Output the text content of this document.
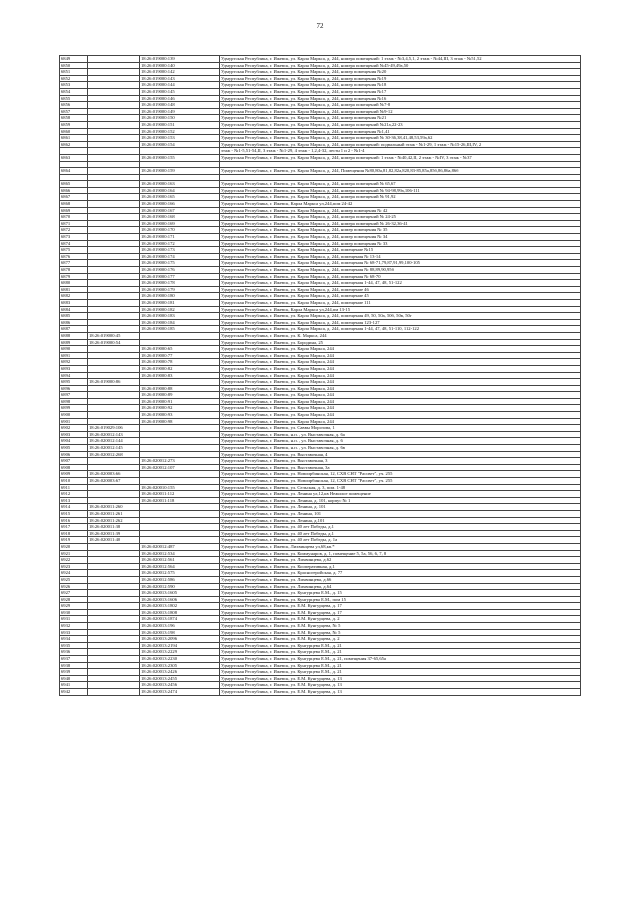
72
6849		18:26:019000:139	Удмуртская Республика, г. Ижевск, ул. Карла Маркса, д. 244, номера помещений: 1 этаж - №3,4,5,1, 2 этаж - №44,III, 3 этаж - №51,52
6850		18:26:019000:140	Удмуртская Республика, г. Ижевск, ул. Карла Маркса, д. 244, номера помещений №45-49,49а,50
6851		18:26:019000:142	Удмуртская Республика, г. Ижевск, ул. Карла Маркса, д. 244, номер помещения №20
6852		18:26:019000:143	Удмуртская Республика, г. Ижевск, ул. Карла Маркса, д. 244, номер помещения №19
6853		18:26:019000:144	Удмуртская Республика, г. Ижевск, ул. Карла Маркса, д. 244, номер помещения №18
6854		18:26:019000:145	Удмуртская Республика, г. Ижевск, ул. Карла Маркса, д. 244, номер помещения №17
6855		18:26:019000:146	Удмуртская Республика, г. Ижевск, ул. Карла Маркса, д. 244, номер помещения №16
6856		18:26:019000:148	Удмуртская Республика, г. Ижевск, ул. Карла Маркса, д. 244, номера помещений №7-8
6857		18:26:019000:149	Удмуртская Республика, г. Ижевск, ул. Карла Маркса, д. 244, номера помещений №9-12
6858		18:26:019000:150	Удмуртская Республика, г. Ижевск, ул. Карла Маркса, д. 244, номер помещения №21
6859		18:26:019000:151	Удмуртская Республика, г. Ижевск, ул. Карла Маркса, д. 244, номера помещений №21а,22-23
6860		18:26:019000:152	Удмуртская Республика, г. Ижевск, ул. Карла Маркса, д. 244, номер помещения №1,41
6861		18:26:019000:153	Удмуртская Республика, г. Ижевск, ул. Карла Маркса, д. 244, номера помещений № 30-36,38,41,48,53,59а,62
6862		18:26:019000:154	Удмуртская Республика, г. Ижевск, ул. Карла Маркса, д. 244, номера помещений: подвальный этаж - №1-29, 1 этаж - №15-26,III,IV, 2
			этаж - №1-5,51-54,II, 3 этаж - №1-29, 4 этаж - 1,2,4-32, лестн 1 и 2 - №1-4
6863		18:26:019000:155	Удмуртская Республика, г. Ижевск, ул. Карла Маркса, д. 244, номера помещений: 1 этаж - №40,42,II, 2 этаж - №IV, 3 этаж - №37

6864		18:26:019000:159	Удмуртская Республика, г. Ижевск, ул. Карла Маркса, д. 244, Помещения №80,80а,81,82,82а,820,83-85,85а,85б,86,86а,86б

6865		18:26:019000:163	Удмуртская Республика, г. Ижевск, ул. Карла Маркса, д. 244, номера помещений № 65,67
6866		18:26:019000:164	Удмуртская Республика, г. Ижевск, ул. Карла Маркса, д. 244, номера помещений № 94-98,99а,106-111
6867		18:26:019000:165	Удмуртская Республика, г. Ижевск, ул. Карла Маркса, д. 244, номера помещений № 91,92
6868		18:26:019000:166	Удмуртская Республика, г. Ижевск, Карла Маркса ул,244,пом 24-42
6869		18:26:019000:167	Удмуртская Республика, г. Ижевск, ул. Карла Маркса, д. 244, номер помещения № 42
6870		18:26:019000:168	Удмуртская Республика, г. Ижевск, ул. Карла Маркса, д. 244, номера помещений № 24-25
6871		18:26:019000:169	Удмуртская Республика, г. Ижевск, ул. Карла Маркса, д. 244, номера помещений № 26-32,36-41
6872		18:26:019000:170	Удмуртская Республика, г. Ижевск, ул. Карла Маркса, д. 244, номер помещения № 35
6873		18:26:019000:171	Удмуртская Республика, г. Ижевск, ул. Карла Маркса, д. 244, номер помещения № 34
6874		18:26:019000:172	Удмуртская Республика, г. Ижевск, ул. Карла Маркса, д. 244, номер помещения № 33
6875		18:26:019000:173	Удмуртская Республика, г. Ижевск, ул. Карла Маркса, д. 244, помещение №15
6876		18:26:019000:174	Удмуртская Республика, г. Ижевск, ул. Карла Маркса, д. 244, помещения № 13-14
6877		18:26:019000:175	Удмуртская Республика, г. Ижевск, ул. Карла Маркса, д. 244, помещения № 68-71,79,87,91,99,100-105
6878		18:26:019000:176	Удмуртская Республика, г. Ижевск, ул. Карла Маркса, д. 244, помещения № 88,89,90,95б
6879		18:26:019000:177	Удмуртская Республика, г. Ижевск, ул. Карла Маркса, д. 244, помещения № 68-70
6880		18:26:019000:178	Удмуртская Республика, г. Ижевск, ул. Карла Маркса, д. 244, помещения 1-44, 47, 48, 51-122
6881		18:26:019000:179	Удмуртская Республика, г. Ижевск, ул. Карла Маркса, д. 244, помещение 46
6882		18:26:019000:180	Удмуртская Республика, г. Ижевск, ул. Карла Маркса, д. 244, помещение 45
6883		18:26:019000:181	Удмуртская Республика, г. Ижевск, ул. Карла Маркса, д. 244, помещение 111
6884		18:26:019000:182	Удмуртская Республика, г. Ижевск, Карла Маркса ул,244,пм 13-15
6885		18:26:019000:183	Удмуртская Республика, г. Ижевск, ул. Карла Маркса, д. 244, помещения 49, 50, 50а, 50б, 50в, 50г
6886		18:26:019000:184	Удмуртская Республика, г. Ижевск, ул. Карла Маркса, д. 244, помещения 123-127
6887		18:26:019000:185	Удмуртская Республика, г. Ижевск, ул. Карла Маркса, д. 244, помещения 1-44, 47, 48, 51-110, 112-122
6888	18:26:019000:45		Удмуртская Республика, г. Ижевск, ул. К. Маркса, 244
6889	18:26:019000:54		Удмуртская Республика, г. Ижевск, ул. Бородина, 25
6890		18:26:019000:65	Удмуртская Республика, г. Ижевск, ул. Карла Маркса, 244
6891		18:26:019000:77	Удмуртская Республика, г. Ижевск, ул. Карла Маркса, 244
6892		18:26:019000:78	Удмуртская Республика, г. Ижевск, ул. Карла Маркса, 244
6893		18:26:019000:82	Удмуртская Республика, г. Ижевск, ул. Карла Маркса, 244
6894		18:26:019000:83	Удмуртская Республика, г. Ижевск, ул. Карла Маркса, 244
6895	18:26:019000:86		Удмуртская Республика, г. Ижевск, ул. Карла Маркса, 244
6896		18:26:019000:88	Удмуртская Республика, г. Ижевск, ул. Карла Маркса, 244
6897		18:26:019000:89	Удмуртская Республика, г. Ижевск, ул. Карла Маркса, 244
6898		18:26:019000:91	Удмуртская Республика, г. Ижевск, ул. Карла Маркса, 244
6899		18:26:019000:92	Удмуртская Республика, г. Ижевск, ул. Карла Маркса, 244
6900		18:26:019000:93	Удмуртская Республика, г. Ижевск, ул. Карла Маркса, 244
6901		18:26:019000:98	Удмуртская Республика, г. Ижевск, ул. Карла Маркса, 244
6902	18:26:019029:106		Удмуртская Республика, г. Ижевск, ул. Саввы Морозова, 1
6903	18:26:020012:143		Удмуртская Республика, г. Ижевск, н.п. , ул. Выставочная, д. 6а
6904	18:26:020012:144		Удмуртская Республика, г. Ижевск, н.п. , ул. Выставочная, д. 6
6905	18:26:020012:145		Удмуртская Республика, г. Ижевск, н.п. , ул. Выставочная, д. 6в
6906	18:26:020012:268		Удмуртская Республика, г. Ижевск, ул. Выставочная, 4
6907		18:26:020012:273	Удмуртская Республика, г. Ижевск, ул. Выставочная, 3
6908		18:26:020012:107	Удмуртская Республика, г. Ижевск, ул. Выставочная, 3а
6909	18:26:020003:66		Удмуртская Республика, г. Ижевск, ул. Новоирбинская, 12, СХВ СНТ "Рассвет", уч. 255
6910	18:26:020003:67		Удмуртская Республика, г. Ижевск, ул. Новоирбинская, 12, СХВ СНТ "Рассвет", уч. 255
6911		18:26:020010:155	Удмуртская Республика, г. Ижевск, ул. Сельская, д. 3, пом. 1-48
6912		18:26:020011:112	Удмуртская Республика, г. Ижевск, ул. Ленина ул,12,кв Нежилое помещение
6913		18:26:020011:118	Удмуртская Республика, г. Ижевск, ул. Ленина, д. 101, корпус № 1
6914	18:26:020011:260		Удмуртская Республика, г. Ижевск, ул. Ленина, д. 101
6915	18:26:020011:261		Удмуртская Республика, г. Ижевск, ул. Ленина, 101
6916	18:26:020011:262		Удмуртская Республика, г. Ижевск, ул. Ленина, д.101
6917	18:26:020011:38		Удмуртская Республика, г. Ижевск, ул. 40 лет Победы, д.1
6918	18:26:020011:39		Удмуртская Республика, г. Ижевск, ул. 40 лет Победы, д.1
6919	18:26:020011:40		Удмуртская Республика, г. Ижевск, ул. 40 лет Победы, д. 1а
6920		18:26:020012:487	Удмуртская Республика, г. Ижевск, Лихвинцева ул,68,кв.*
6921		18:26:020012:534	Удмуртская Республика, г. Ижевск, ул. Коммунаров, д. 1, помещение 5, 5а, 56, 6, 7, 8
6922		18:26:020012:561	Удмуртская Республика, г. Ижевск, ул. Лихвинцева, д.62
6923		18:26:020012:564	Удмуртская Республика, г. Ижевск, ул. Кооперативная, д.1
6924		18:26:020012:575	Удмуртская Республика, г. Ижевск, ул. Красногеройская, д. 77
6925		18:26:020012:586	Удмуртская Республика, г. Ижевск, ул. Лихвинцева, д.66
6926		18:26:020012:590	Удмуртская Республика, г. Ижевск, ул. Лихвинцева, д.64
6927		18:26:020013:1605	Удмуртская Республика, г. Ижевск, ул. Кунгурцева Е.М., д. 15
6928		18:26:020013:1606	Удмуртская Республика, г. Ижевск, ул. Кунгурцева Е.М., пом 15
6929		18:26:020013:1802	Удмуртская Республика, г. Ижевск, ул. Е.М. Кунгурцева, д. 17
6930		18:26:020013:1808	Удмуртская Республика, г. Ижевск, ул. Е.М. Кунгурцева, д. 17
6931		18:26:020013:1874	Удмуртская Республика, г. Ижевск, ул. Е.М. Кунгурцева, д. 2
6932		18:26:020013:196	Удмуртская Республика, г. Ижевск, ул. Е.М. Кунгурцева, № 5
6933		18:26:020013:198	Удмуртская Республика, г. Ижевск, ул. Е.М. Кунгурцева, № 5
6934		18:26:020013:2096	Удмуртская Республика, г. Ижевск, ул. Е.М. Кунгурцева, д. 2
6935		18:26:020013:2194	Удмуртская Республика, г. Ижевск, ул. Кунгурцева Е.М., д. 21
6936		18:26:020013:2229	Удмуртская Республика, г. Ижевск, ул. Кунгурцева Е.М., д. 21
6937		18:26:020013:2230	Удмуртская Республика, г. Ижевск, ул. Кунгурцева Е.М., д. 21, помещения 37-65,65а
6938		18:26:020013:2305	Удмуртская Республика, г. Ижевск, ул. Кунгурцева Е.М., д. 21
6939		18:26:020013:2426	Удмуртская Республика, г. Ижевск, ул. Кунгурцева Е.М., д. 21
6940		18:26:020013:2455	Удмуртская Республика, г. Ижевск, ул. Е.М. Кунгурцева, д. 13
6941		18:26:020013:2456	Удмуртская Республика, г. Ижевск, ул. Е.М. Кунгурцева, д. 13
6942		18:26:020013:2474	Удмуртская Республика, г. Ижевск, ул. Е.М. Кунгурцева, д. 13
